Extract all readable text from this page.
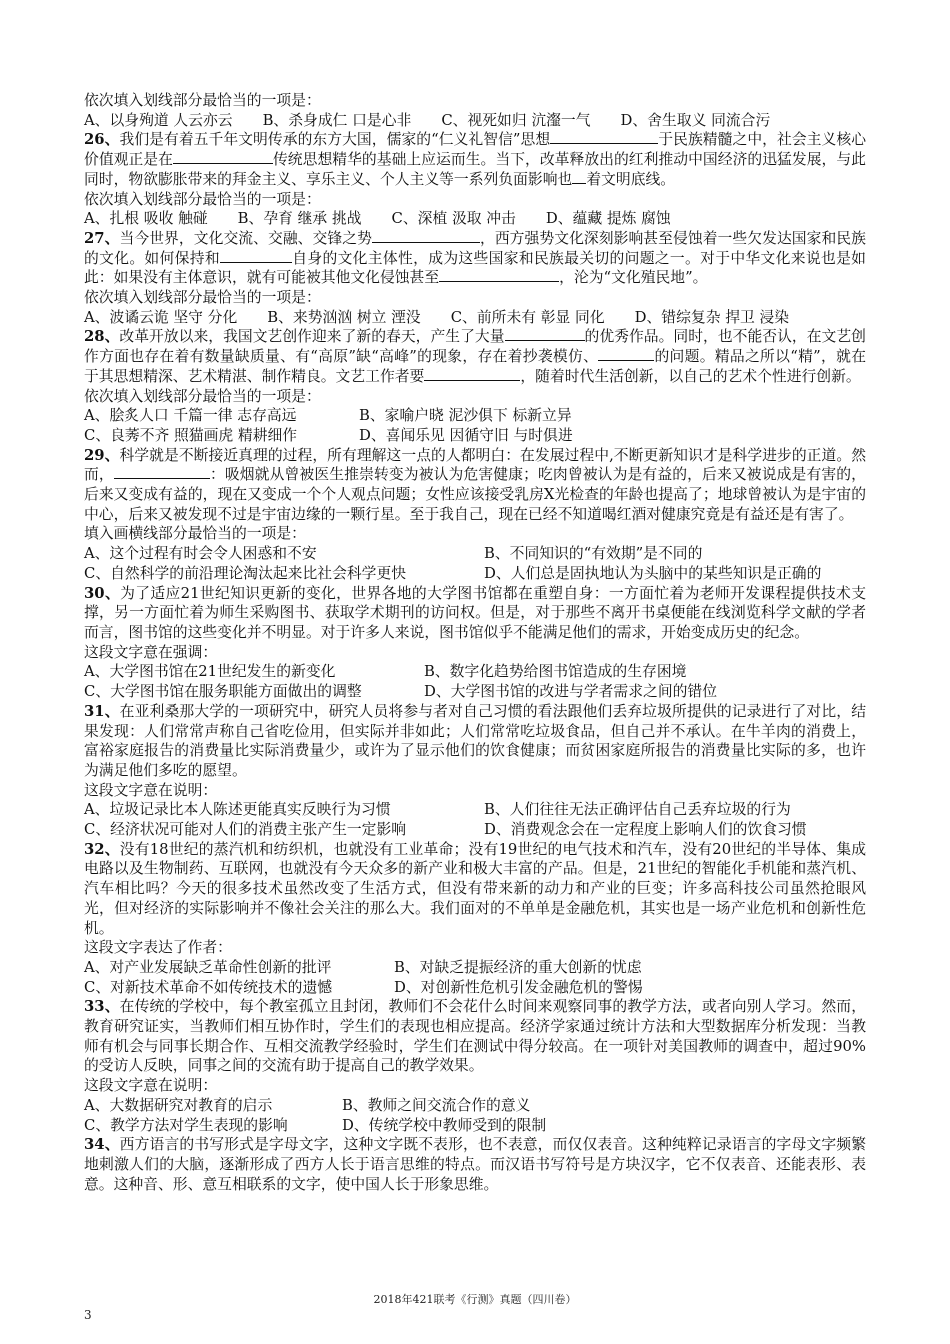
依次填入划线部分最恰当的一项是：

A、以身殉道 人云亦云 B、杀身成仁 口是心非 C、视死如归 沆瀣一气 D、舍生取义 同流合污

26、我们是有着五千年文明传承的东方大国，儒家的“仁义礼智信”思想	于民族精髓之中，社会主义核心价值观正是在	传统思想精华的基础上应运而生。当下，改革释放出的红利推动中国经济的迅猛发展，与此同时，物欲膨胀带来的拜金主义、享乐主义、个人主义等一系列负面影响也 着文明底线。

依次填入划线部分最恰当的一项是：

A、扎根 吸收 触碰 B、孕育 继承 挑战 C、深植 汲取 冲击 D、蕴藏 提炼 腐蚀

27、当今世界，文化交流、交融、交锋之势	，西方强势文化深刻影响甚至侵蚀着一些欠发达国家和民族的文化。如何保持和	自身的文化主体性，成为这些国家和民族最关切的问题之一。对于中华文化来说也是如此：如果没有主体意识，就有可能被其他文化侵蚀甚至	，沦为“文化殖民地”。

依次填入划线部分最恰当的一项是：

A、波谲云诡 坚守 分化 B、来势汹汹 树立 湮没 C、前所未有 彰显 同化 D、错综复杂 捍卫 浸染

28、改革开放以来，我国文艺创作迎来了新的春天，产生了大量	的优秀作品。同时，也不能否认，在文艺创作方面也存在着有数量缺质量、有“高原”缺“高峰”的现象，存在着抄袭模仿、	的问题。精品之所以“精”，就在于其思想精深、艺术精湛、制作精良。文艺工作者要	，随着时代生活创新，以自己的艺术个性进行创新。

依次填入划线部分最恰当的一项是：

A、脍炙人口 千篇一律 志存高远	B、家喻户晓 泥沙俱下 标新立异
C、良莠不齐 照猫画虎 精耕细作	D、喜闻乐见 因循守旧 与时俱进

29、科学就是不断接近真理的过程，所有理解这一点的人都明白：在发展过程中,不断更新知识才是科学进步的正道。然而，	：吸烟就从曾被医生推崇转变为被认为危害健康；吃肉曾被认为是有益的，后来又被说成是有害的，后来又变成有益的，现在又变成一个个人观点问题；女性应该接受乳房X光检查的年龄也提高了；地球曾被认为是宇宙的中心，后来又被发现不过是宇宙边缘的一颗行星。至于我自己，现在已经不知道喝红酒对健康究竟是有益还是有害了。

填入画横线部分最恰当的一项是：

A、这个过程有时会令人困惑和不安	B、不同知识的“有效期”是不同的
C、自然科学的前沿理论淘汰起来比社会科学更快	D、人们总是固执地认为头脑中的某些知识是正确的

30、为了适应21世纪知识更新的变化，世界各地的大学图书馆都在重塑自身：一方面忙着为老师开发课程提供技术支撑，另一方面忙着为师生采购图书、获取学术期刊的访问权。但是，对于那些不离开书桌便能在线浏览科学文献的学者而言，图书馆的这些变化并不明显。对于许多人来说，图书馆似乎不能满足他们的需求，开始变成历史的纪念。

这段文字意在强调：

A、大学图书馆在21世纪发生的新变化	B、数字化趋势给图书馆造成的生存困境
C、大学图书馆在服务职能方面做出的调整	D、大学图书馆的改进与学者需求之间的错位

31、在亚利桑那大学的一项研究中，研究人员将参与者对自己习惯的看法跟他们丢弃垃圾所提供的记录进行了对比，结果发现：人们常常声称自己省吃俭用，但实际并非如此；人们常常吃垃圾食品，但自己并不承认。在牛羊肉的消费上，富裕家庭报告的消费量比实际消费量少，或许为了显示他们的饮食健康；而贫困家庭所报告的消费量比实际的多，也许为满足他们多吃的愿望。

这段文字意在说明：

A、垃圾记录比本人陈述更能真实反映行为习惯	B、人们往往无法正确评估自己丢弃垃圾的行为
C、经济状况可能对人们的消费主张产生一定影响	D、消费观念会在一定程度上影响人们的饮食习惯

32、没有18世纪的蒸汽机和纺织机，也就没有工业革命；没有19世纪的电气技术和汽车，没有20世纪的半导体、集成电路以及生物制药、互联网，也就没有今天众多的新产业和极大丰富的产品。但是，21世纪的智能化手机能和蒸汽机、汽车相比吗？今天的很多技术虽然改变了生活方式，但没有带来新的动力和产业的巨变；许多高科技公司虽然抢眼风光，但对经济的实际影响并不像社会关注的那么大。我们面对的不单单是金融危机，其实也是一场产业危机和创新性危机。

这段文字表达了作者：

A、对产业发展缺乏革命性创新的批评	B、对缺乏提振经济的重大创新的忧虑
C、对新技术革命不如传统技术的遗憾	D、对创新性危机引发金融危机的警惕

33、在传统的学校中，每个教室孤立且封闭，教师们不会花什么时间来观察同事的教学方法，或者向别人学习。然而，教育研究证实，当教师们相互协作时，学生们的表现也相应提高。经济学家通过统计方法和大型数据库分析发现：当教师有机会与同事长期合作、互相交流教学经验时，学生们在测试中得分较高。在一项针对美国教师的调查中，超过90%的受访人反映，同事之间的交流有助于提高自己的教学效果。

这段文字意在说明：

A、大数据研究对教育的启示	B、教师之间交流合作的意义
C、教学方法对学生表现的影响	D、传统学校中教师受到的限制

34、西方语言的书写形式是字母文字，这种文字既不表形，也不表意，而仅仅表音。这种纯粹记录语言的字母文字频繁地刺激人们的大脑，逐渐形成了西方人长于语言思维的特点。而汉语书写符号是方块汉字，它不仅表音、还能表形、表意。这种音、形、意互相联系的文字，使中国人长于形象思维。

2018年421联考《行测》真题（四川卷）
3
